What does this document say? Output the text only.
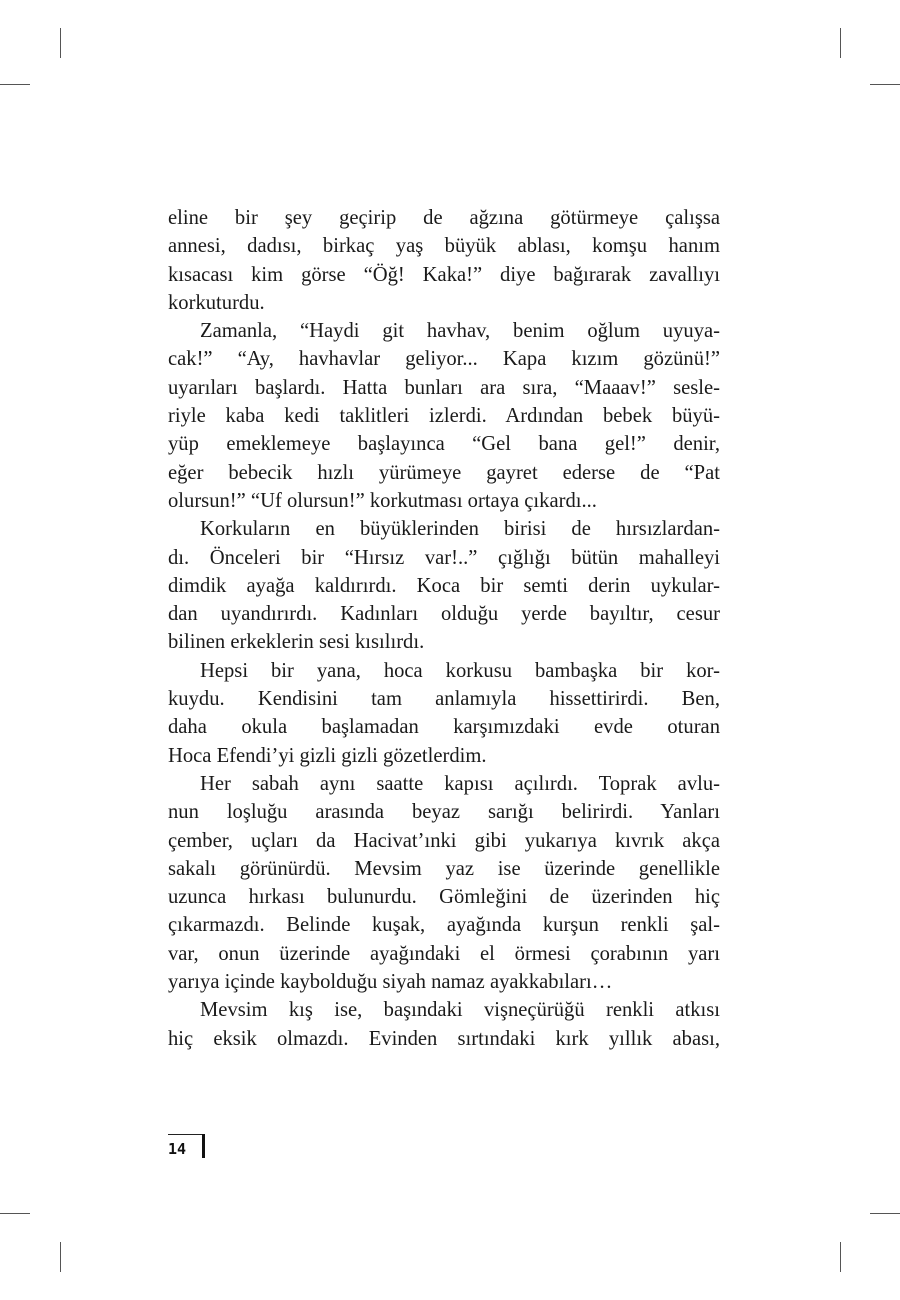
eline bir şey geçirip de ağzına götürmeye çalışsa
annesi, dadısı, birkaç yaş büyük ablası, komşu hanım
kısacası kim görse “Öğ! Kaka!” diye bağırarak zavallıyı
korkuturdu.
Zamanla, “Haydi git havhav, benim oğlum uyuya-
cak!” “Ay, havhavlar geliyor... Kapa kızım gözünü!”
uyarıları başlardı. Hatta bunları ara sıra, “Maaav!” sesle-
riyle kaba kedi taklitleri izlerdi. Ardından bebek büyü-
yüp emeklemeye başlayınca “Gel bana gel!” denir,
eğer bebecik hızlı yürümeye gayret ederse de “Pat
olursun!” “Uf olursun!” korkutması ortaya çıkardı...
Korkuların en büyüklerinden birisi de hırsızlardan-
dı. Önceleri bir “Hırsız var!..” çığlığı bütün mahalleyi
dimdik ayağa kaldırırdı. Koca bir semti derin uykular-
dan uyandırırdı. Kadınları olduğu yerde bayıltır, cesur
bilinen erkeklerin sesi kısılırdı.
Hepsi bir yana, hoca korkusu bambaşka bir kor-
kuydu. Kendisini tam anlamıyla hissettirirdi. Ben,
daha okula başlamadan karşımızdaki evde oturan
Hoca Efendi’yi gizli gizli gözetlerdim.
Her sabah aynı saatte kapısı açılırdı. Toprak avlu-
nun loşluğu arasında beyaz sarığı belirirdi. Yanları
çember, uçları da Hacivat’ınki gibi yukarıya kıvrık akça
sakalı görünürdü. Mevsim yaz ise üzerinde genellikle
uzunca hırkası bulunurdu. Gömleğini de üzerinden hiç
çıkarmazdı. Belinde kuşak, ayağında kurşun renkli şal-
var, onun üzerinde ayağındaki el örmesi çorabının yarı
yarıya içinde kaybolduğu siyah namaz ayakkabıları…
Mevsim kış ise, başındaki vişneçürüğü renkli atkısı
hiç eksik olmazdı. Evinden sırtındaki kırk yıllık abası,
14
